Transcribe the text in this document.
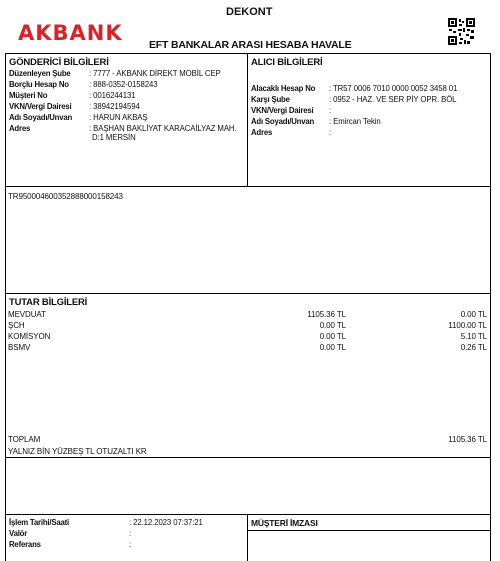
AKBANK
DEKONT
EFT BANKALAR ARASI HESABA HAVALE
GÖNDERİCİ BİLGİLERİ
Düzenleyen Şube	: 7777 - AKBANK DİREKT MOBİL CEP
Borçlu Hesap No	: 888-0352-0158243
Müşteri No	: 0016244131
VKN/Vergi Dairesi	: 38942194594
Adı Soyadı/Unvan	: HARUN AKBAŞ
Adres	: BAŞHAN BAKLİYAT KARACAİLYAZ MAH.
D:1 MERSİN
ALICI BİLGİLERİ
Alacaklı Hesap No	: TR57 0006 7010 0000 0052 3458 01
Karşı Şube	: 0952 - HAZ. VE SER PİY OPR. BÖL
VKN/Vergi Dairesi	:
Adı Soyadı/Unvan	: Emircan Tekin
Adres	:
TR950004600352888000158243
TUTAR BİLGİLERİ
MEVDUAT	1105.36 TL	0.00 TL
ŞCH	0.00 TL	1100.00 TL
KOMİSYON	0.00 TL	5.10 TL
BSMV	0.00 TL	0.26 TL
TOPLAM	1105.36 TL
YALNIZ BİN YÜZBEŞ TL OTUZALTI KR
İşlem Tarihi/Saati	: 22.12.2023 07:37:21
Valör	:
Referans	:
MÜŞTERİ İMZASI
